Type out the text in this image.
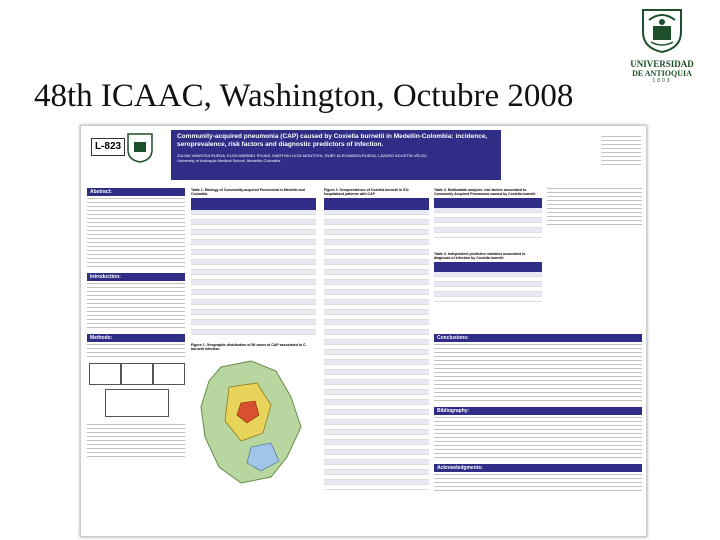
48th ICAAC, Washington, Octubre 2008
UNIVERSIDAD
DE ANTIOQUIA
1803
L-823
Community-acquired pneumonia (CAP) caused by Coxiella burnetii in Medellín-Colombia: incidence, seroprevalence, risk factors and diagnostic predictors of infection.
ZULMA VANESSA RUEDA, ELSA MARIBEL ROJAS, MARTHA LUCIA MONTOYA, RUBY ALEXANDRA RUEDA, LÁZARO AGUSTÍN VÉLEZ.
University of Antioquia Medical School, Medellín-Colombia
Abstract:
Introduction:
Methods:
Table 1. Etiology of Community-acquired Pneumonia in Medellín and Colombia.

Figure 1. Geographic distribution of 89 cases of CAP associated to C. burnetii infection.
Figure 2. Seroprevalence of Coxiella burnetii in 511 hospitalized patients with CAP

Table 3. Multivariate analysis: risk factors associated to Community Acquired Pneumonia caused by Coxiella burnetii

Table 4. Independent predictive variables associated to diagnosis of infection by Coxiella burnetii

Conclusions:
Bibliography:
Acknowledgments:
